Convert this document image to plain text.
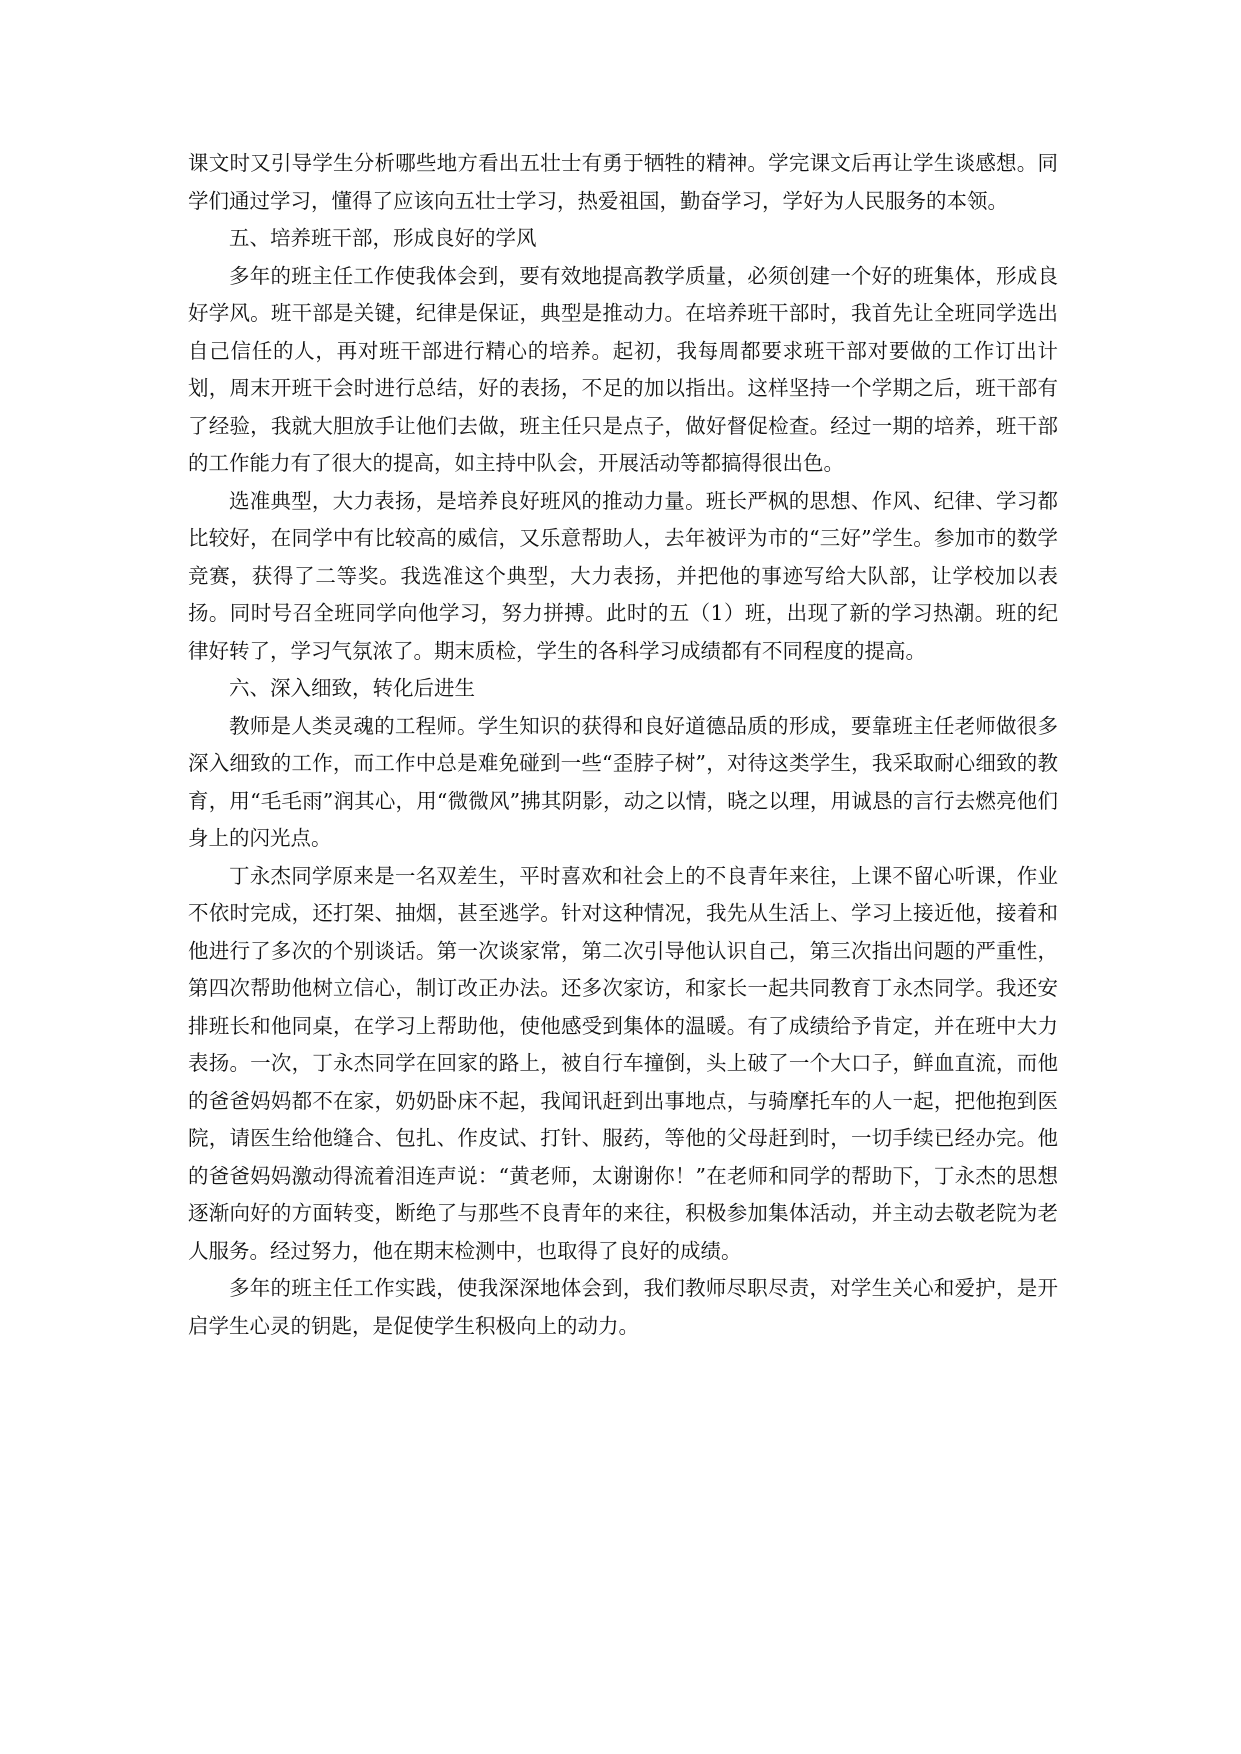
课文时又引导学生分析哪些地方看出五壮士有勇于牺牲的精神。学完课文后再让学生谈感想。同学们通过学习，懂得了应该向五壮士学习，热爱祖国，勤奋学习，学好为人民服务的本领。

五、培养班干部，形成良好的学风

多年的班主任工作使我体会到，要有效地提高教学质量，必须创建一个好的班集体，形成良好学风。班干部是关键，纪律是保证，典型是推动力。在培养班干部时，我首先让全班同学选出自己信任的人，再对班干部进行精心的培养。起初，我每周都要求班干部对要做的工作订出计划，周末开班干会时进行总结，好的表扬，不足的加以指出。这样坚持一个学期之后，班干部有了经验，我就大胆放手让他们去做，班主任只是点子，做好督促检查。经过一期的培养，班干部的工作能力有了很大的提高，如主持中队会，开展活动等都搞得很出色。

选准典型，大力表扬，是培养良好班风的推动力量。班长严枫的思想、作风、纪律、学习都比较好，在同学中有比较高的威信，又乐意帮助人，去年被评为市的“三好”学生。参加市的数学竞赛，获得了二等奖。我选准这个典型，大力表扬，并把他的事迹写给大队部，让学校加以表扬。同时号召全班同学向他学习，努力拼搏。此时的五（1）班，出现了新的学习热潮。班的纪律好转了，学习气氛浓了。期末质检，学生的各科学习成绩都有不同程度的提高。

六、深入细致，转化后进生

教师是人类灵魂的工程师。学生知识的获得和良好道德品质的形成，要靠班主任老师做很多深入细致的工作，而工作中总是难免碰到一些“歪脖子树”，对待这类学生，我采取耐心细致的教育，用“毛毛雨”润其心，用“微微风”拂其阴影，动之以情，晓之以理，用诚恳的言行去燃亮他们身上的闪光点。

丁永杰同学原来是一名双差生，平时喜欢和社会上的不良青年来往，上课不留心听课，作业不依时完成，还打架、抽烟，甚至逃学。针对这种情况，我先从生活上、学习上接近他，接着和他进行了多次的个别谈话。第一次谈家常，第二次引导他认识自己，第三次指出问题的严重性，第四次帮助他树立信心，制订改正办法。还多次家访，和家长一起共同教育丁永杰同学。我还安排班长和他同桌，在学习上帮助他，使他感受到集体的温暖。有了成绩给予肯定，并在班中大力表扬。一次，丁永杰同学在回家的路上，被自行车撞倒，头上破了一个大口子，鲜血直流，而他的爸爸妈妈都不在家，奶奶卧床不起，我闻讯赶到出事地点，与骑摩托车的人一起，把他抱到医院，请医生给他缝合、包扎、作皮试、打针、服药，等他的父母赶到时，一切手续已经办完。他的爸爸妈妈激动得流着泪连声说：“黄老师，太谢谢你！”在老师和同学的帮助下，丁永杰的思想逐渐向好的方面转变，断绝了与那些不良青年的来往，积极参加集体活动，并主动去敬老院为老人服务。经过努力，他在期末检测中，也取得了良好的成绩。

多年的班主任工作实践，使我深深地体会到，我们教师尽职尽责，对学生关心和爱护，是开启学生心灵的钥匙，是促使学生积极向上的动力。
